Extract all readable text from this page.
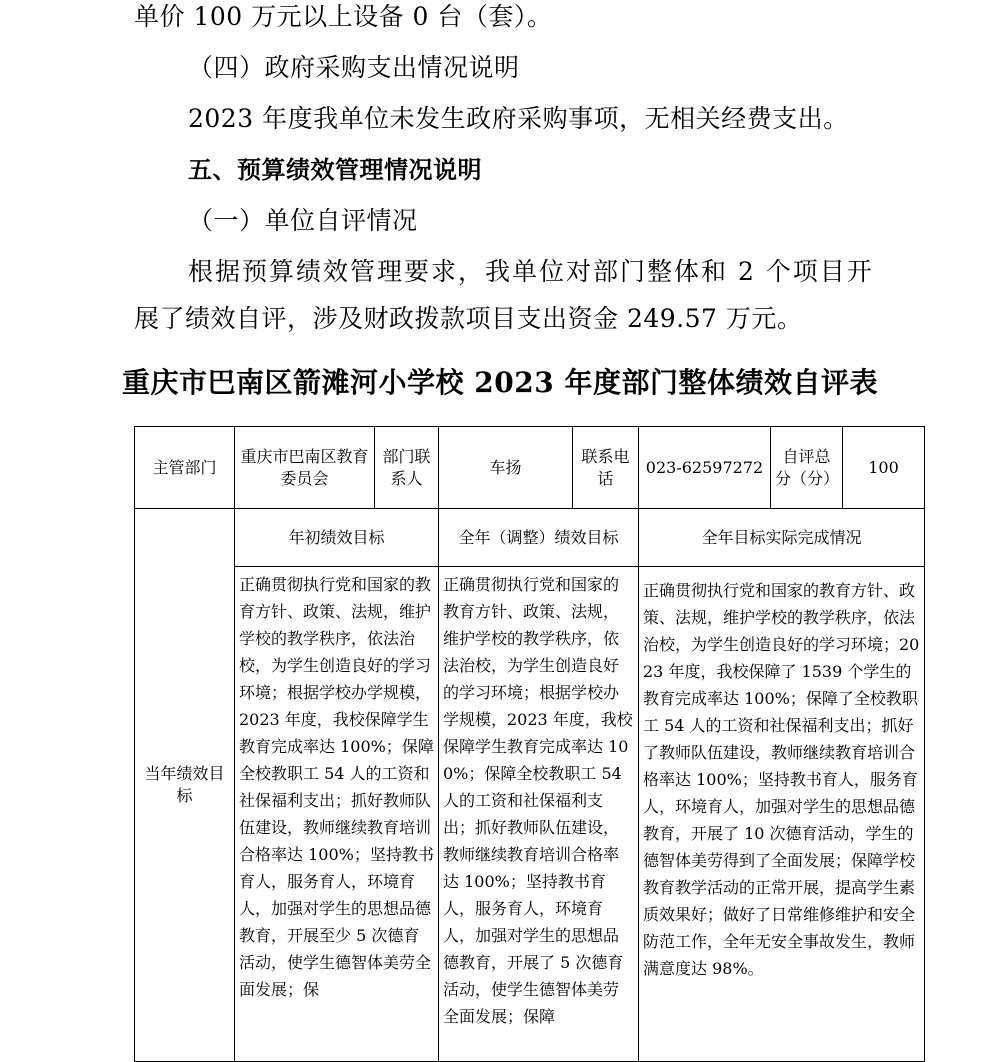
单价 100 万元以上设备 0 台（套）。
（四）政府采购支出情况说明
2023 年度我单位未发生政府采购事项，无相关经费支出。
五、预算绩效管理情况说明
（一）单位自评情况
根据预算绩效管理要求，我单位对部门整体和 2 个项目开
展了绩效自评，涉及财政拨款项目支出资金 249.57 万元。
重庆市巴南区箭滩河小学校 2023 年度部门整体绩效自评表
主管部门	重庆市巴南区教育委员会	部门联系人	车扬	联系电话	023-62597272	自评总分（分）	100
当年绩效目标	年初绩效目标		全年（调整）绩效目标		全年目标实际完成情况		
	正确贯彻执行党和国家的教育方针、政策、法规，维护学校的教学秩序，依法治校，为学生创造良好的学习环境；根据学校办学规模，2023 年度，我校保障学生教育完成率达 100%；保障全校教职工 54 人的工资和社保福利支出；抓好教师队伍建设，教师继续教育培训合格率达 100%；坚持教书育人，服务育人，环境育人，加强对学生的思想品德教育，开展至少 5 次德育活动，使学生德智体美劳全面发展；保		正确贯彻执行党和国家的教育方针、政策、法规，维护学校的教学秩序，依法治校，为学生创造良好的学习环境；根据学校办学规模，2023 年度，我校保障学生教育完成率达 100%；保障全校教职工 54 人的工资和社保福利支出；抓好教师队伍建设，教师继续教育培训合格率达 100%；坚持教书育人，服务育人，环境育人，加强对学生的思想品德教育，开展了 5 次德育活动，使学生德智体美劳全面发展；保障		正确贯彻执行党和国家的教育方针、政策、法规，维护学校的教学秩序，依法治校，为学生创造良好的学习环境；2023 年度，我校保障了 1539 个学生的教育完成率达 100%；保障了全校教职工 54 人的工资和社保福利支出；抓好了教师队伍建设，教师继续教育培训合格率达 100%；坚持教书育人，服务育人，环境育人，加强对学生的思想品德教育，开展了 10 次德育活动，学生的德智体美劳得到了全面发展；保障学校教育教学活动的正常开展，提高学生素质效果好；做好了日常维修维护和安全防范工作，全年无安全事故发生，教师满意度达 98%。		
